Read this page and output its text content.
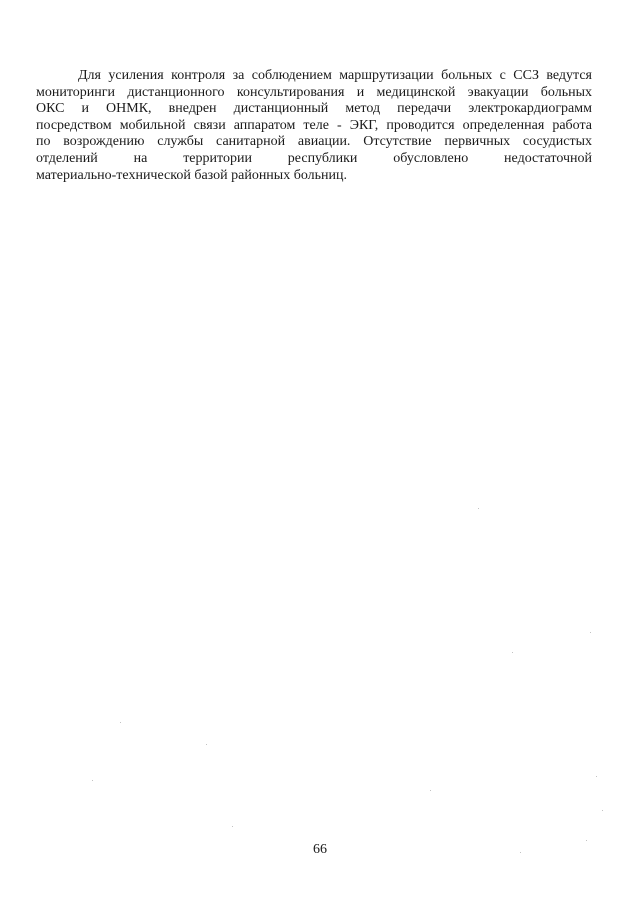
Для усиления контроля за соблюдением маршрутизации больных с ССЗ ведутся
мониторинги дистанционного консультирования и медицинской эвакуации больных
ОКС и ОНМК, внедрен дистанционный метод передачи электрокардиограмм
посредством мобильной связи аппаратом теле - ЭКГ, проводится определенная работа
по возрождению службы санитарной авиации. Отсутствие первичных сосудистых
отделений на территории республики обусловлено недостаточной
материально-технической базой районных больниц.
66
